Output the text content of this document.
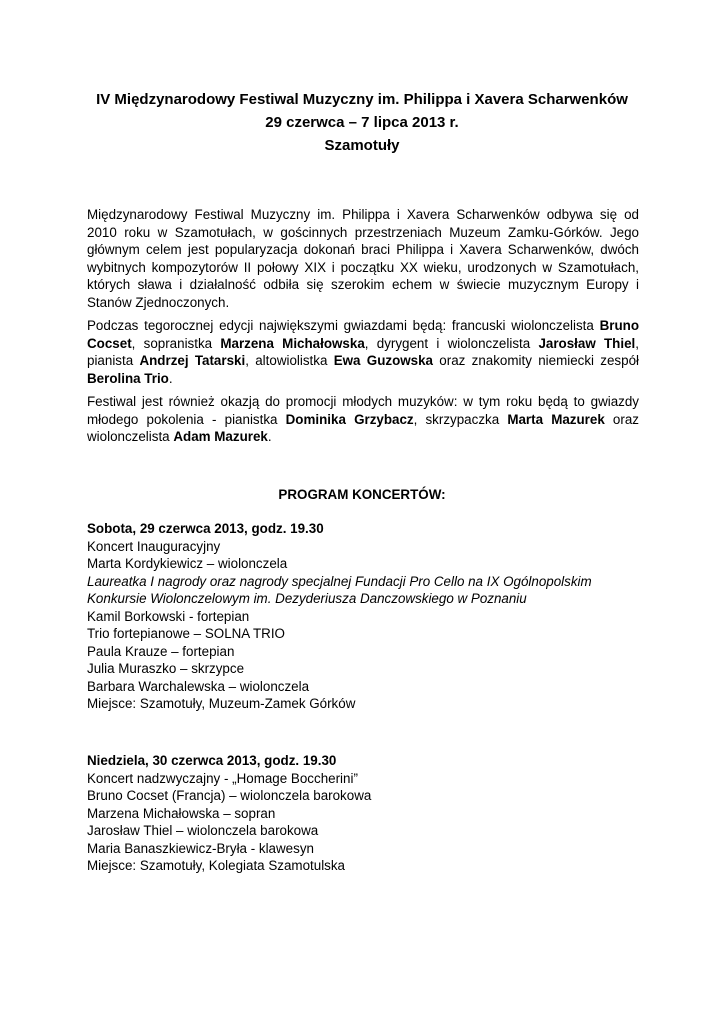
IV Międzynarodowy Festiwal Muzyczny im. Philippa i Xavera Scharwenków
29 czerwca – 7 lipca 2013 r.
Szamotuły

Międzynarodowy Festiwal Muzyczny im. Philippa i Xavera Scharwenków odbywa się od 2010 roku w Szamotułach, w gościnnych przestrzeniach Muzeum Zamku-Górków. Jego głównym celem jest popularyzacja dokonań braci Philippa i Xavera Scharwenków, dwóch wybitnych kompozytorów II połowy XIX i początku XX wieku, urodzonych w Szamotułach, których sława i działalność odbiła się szerokim echem w świecie muzycznym Europy i Stanów Zjednoczonych.

Podczas tegorocznej edycji największymi gwiazdami będą: francuski wiolonczelista Bruno Cocset, sopranistka Marzena Michałowska, dyrygent i wiolonczelista Jarosław Thiel, pianista Andrzej Tatarski, altowiolistka Ewa Guzowska oraz znakomity niemiecki zespół Berolina Trio.

Festiwal jest również okazją do promocji młodych muzyków: w tym roku będą to gwiazdy młodego pokolenia - pianistka Dominika Grzybacz, skrzypaczka Marta Mazurek oraz wiolonczelista Adam Mazurek.

PROGRAM KONCERTÓW:
Sobota, 29 czerwca 2013, godz. 19.30
Koncert Inauguracyjny
Marta Kordykiewicz – wiolonczela
Laureatka I nagrody oraz nagrody specjalnej Fundacji Pro Cello na IX Ogólnopolskim
Konkursie Wiolonczelowym im. Dezyderiusza Danczowskiego w Poznaniu
Kamil Borkowski - fortepian
Trio fortepianowe – SOLNA TRIO
Paula Krauze – fortepian
Julia Muraszko – skrzypce
Barbara Warchalewska – wiolonczela
Miejsce: Szamotuły, Muzeum-Zamek Górków
Niedziela, 30 czerwca 2013, godz. 19.30
Koncert nadzwyczajny - „Homage Boccherini”
Bruno Cocset (Francja) – wiolonczela barokowa
Marzena Michałowska – sopran
Jarosław Thiel – wiolonczela barokowa
Maria Banaszkiewicz-Bryła - klawesyn
Miejsce: Szamotuły, Kolegiata Szamotulska
